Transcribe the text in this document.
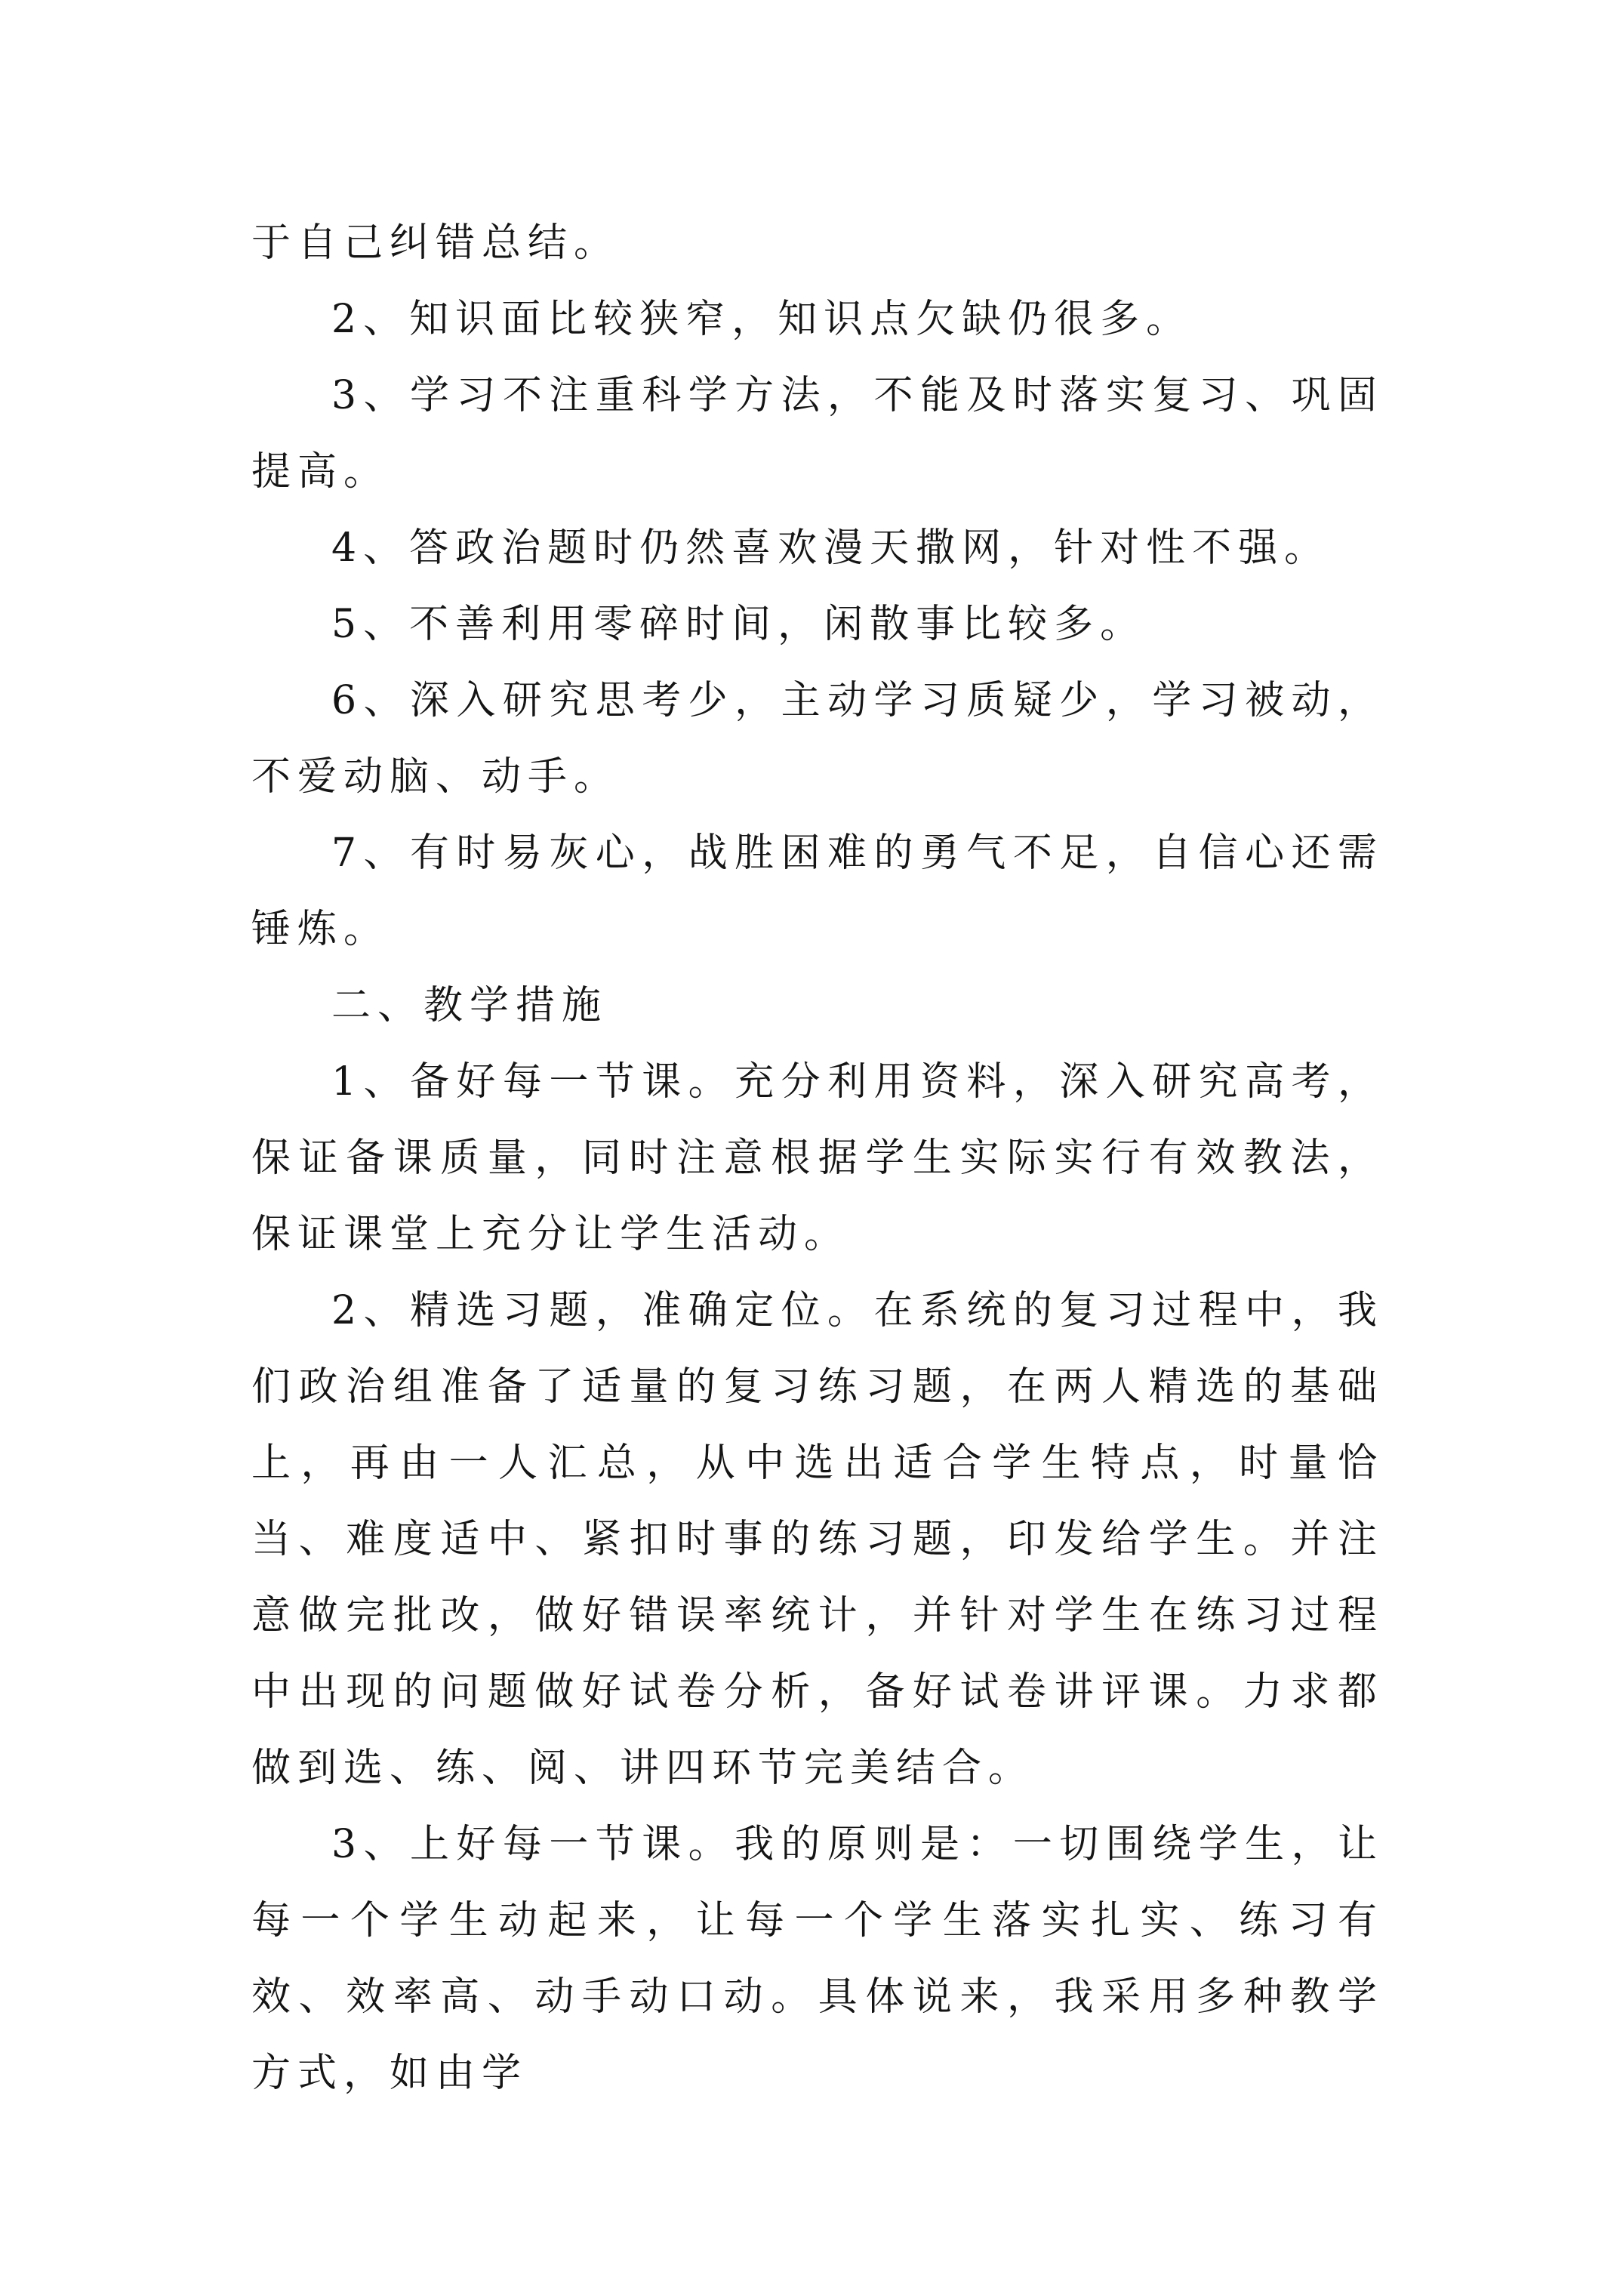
于自己纠错总结。

2、知识面比较狭窄，知识点欠缺仍很多。

3、学习不注重科学方法，不能及时落实复习、巩固提高。

4、答政治题时仍然喜欢漫天撒网，针对性不强。

5、不善利用零碎时间，闲散事比较多。

6、深入研究思考少，主动学习质疑少，学习被动，不爱动脑、动手。

7、有时易灰心，战胜困难的勇气不足，自信心还需锤炼。

二、教学措施

1、备好每一节课。充分利用资料，深入研究高考，保证备课质量，同时注意根据学生实际实行有效教法，保证课堂上充分让学生活动。

2、精选习题，准确定位。在系统的复习过程中，我们政治组准备了适量的复习练习题，在两人精选的基础上，再由一人汇总，从中选出适合学生特点，时量恰当、难度适中、紧扣时事的练习题，印发给学生。并注意做完批改，做好错误率统计，并针对学生在练习过程中出现的问题做好试卷分析，备好试卷讲评课。力求都做到选、练、阅、讲四环节完美结合。

3、上好每一节课。我的原则是：一切围绕学生，让每一个学生动起来，让每一个学生落实扎实、练习有效、效率高、动手动口动。具体说来，我采用多种教学方式，如由学
